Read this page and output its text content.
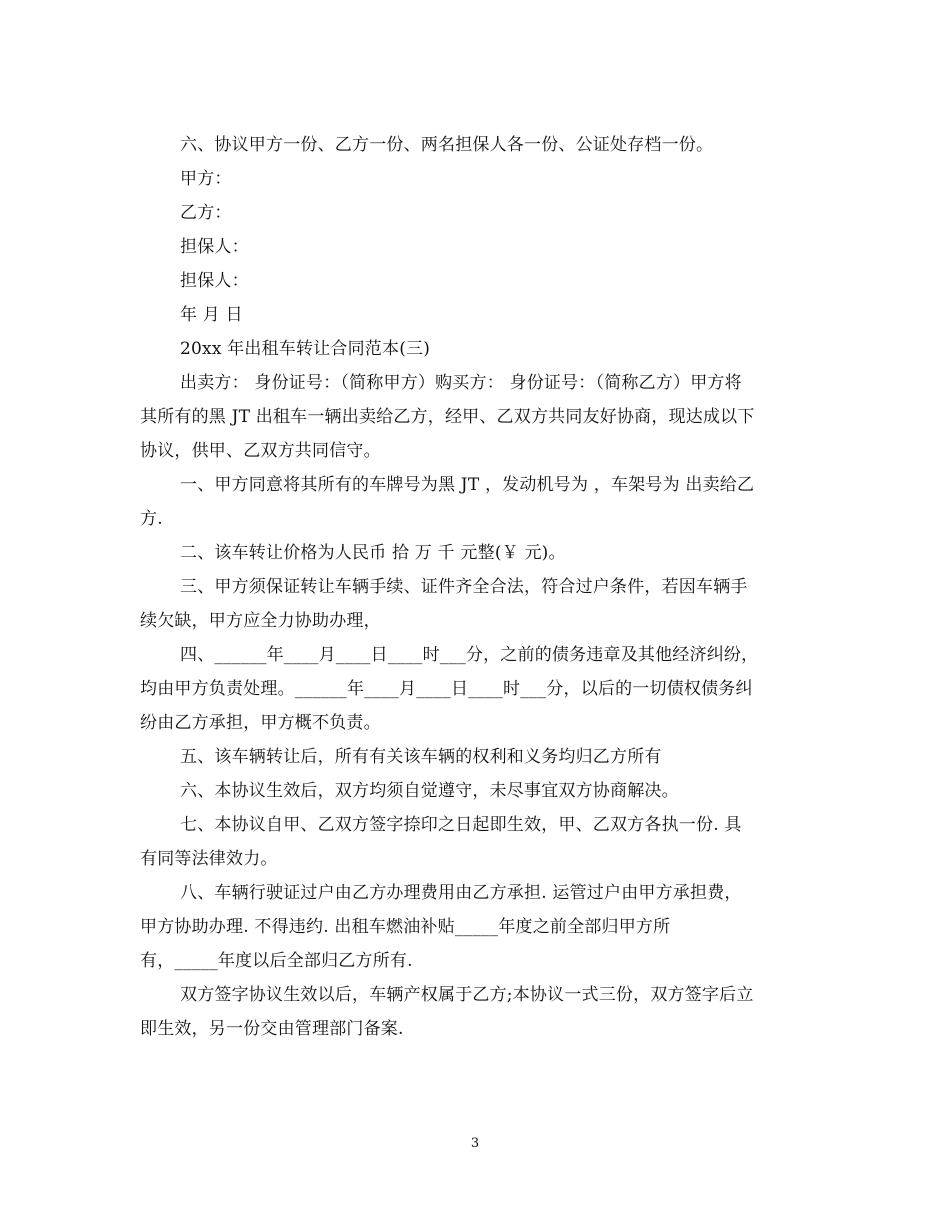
六、协议甲方一份、乙方一份、两名担保人各一份、公证处存档一份。
甲方：
乙方：
担保人：
担保人：
年 月 日
20xx 年出租车转让合同范本(三)
出卖方： 身份证号：（简称甲方）购买方： 身份证号：（简称乙方）甲方将
其所有的黑 JT 出租车一辆出卖给乙方，经甲、乙双方共同友好协商，现达成以下
协议，供甲、乙双方共同信守。
一、甲方同意将其所有的车牌号为黑 JT ，发动机号为 ，车架号为 出卖给乙
方.
二、该车转让价格为人民币 拾 万 千 元整(￥ 元)。
三、甲方须保证转让车辆手续、证件齐全合法，符合过户条件，若因车辆手
续欠缺，甲方应全力协助办理，
四、______年____月____日____时___分，之前的债务违章及其他经济纠纷，
均由甲方负责处理。______年____月____日____时___分，以后的一切债权债务纠
纷由乙方承担，甲方概不负责。
五、该车辆转让后，所有有关该车辆的权利和义务均归乙方所有
六、本协议生效后，双方均须自觉遵守，未尽事宜双方协商解决。
七、本协议自甲、乙双方签字捺印之日起即生效，甲、乙双方各执一份. 具
有同等法律效力。
八、车辆行驶证过户由乙方办理费用由乙方承担. 运管过户由甲方承担费，
甲方协助办理. 不得违约. 出租车燃油补贴_____年度之前全部归甲方所
有，_____年度以后全部归乙方所有.
双方签字协议生效以后，车辆产权属于乙方;本协议一式三份，双方签字后立
即生效，另一份交由管理部门备案.
3
